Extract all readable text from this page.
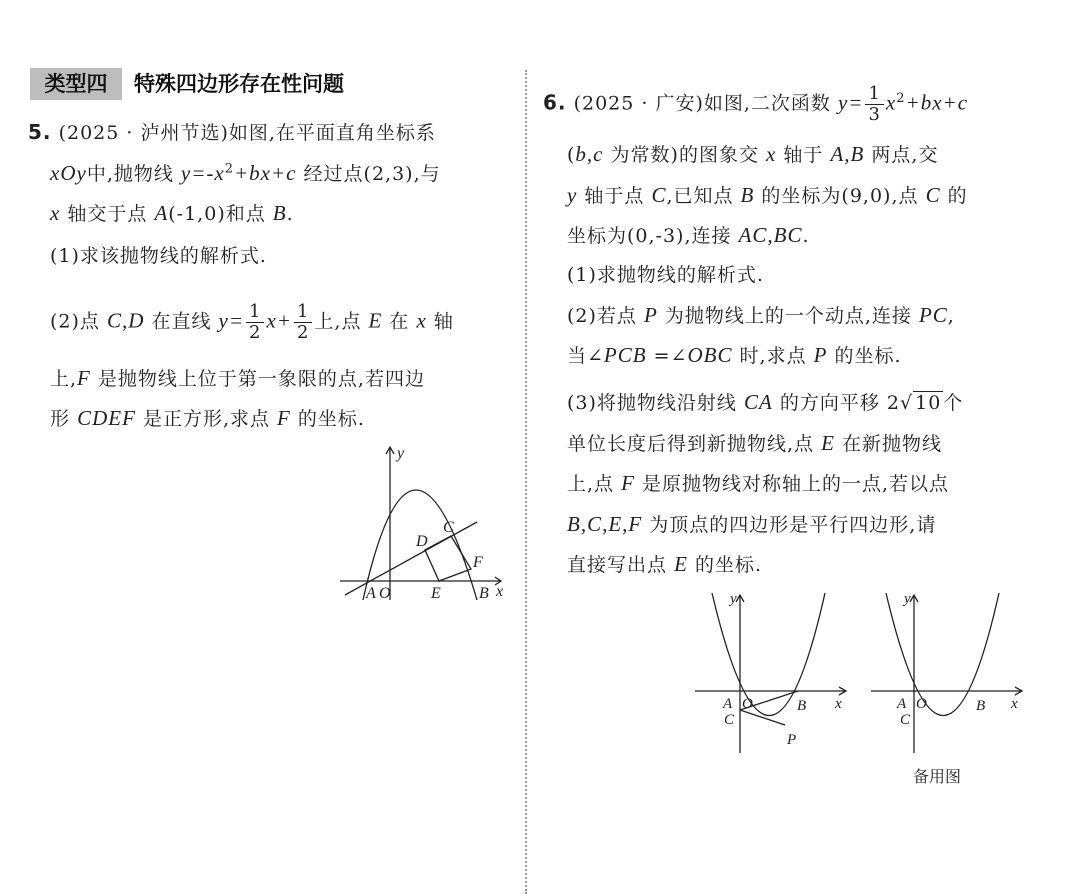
类型四	特殊四边形存在性问题
5. (2025 · 泸州节选)如图,在平面直角坐标系
xOy中,抛物线 $y=-x^2+bx+c$ 经过点(2,3),与
x 轴交于点 A(-1,0)和点 B.
(1)求该抛物线的解析式.
(2)点 C,D 在直线 $y= \frac{1}{2} x+ \frac{1}{2}$ 上,点 E 在 x 轴
上,F 是抛物线上位于第一象限的点,若四边
形 CDEF 是正方形,求点 F 的坐标.
y
x
A O	E B
C
D
F
6. (2025 · 广安)如图,二次函数 $y= \frac{1}{3} x^2+bx+c$
(b,c 为常数)的图象交 x 轴于 A,B 两点,交
y 轴于点 C,已知点 B 的坐标为(9,0),点 C 的
坐标为(0,-3),连接 AC,BC.
(1)求抛物线的解析式.
(2)若点 P 为抛物线上的一个动点,连接 PC,
当∠PCB =∠OBC 时,求点 P 的坐标.
(3)将抛物线沿射线 CA 的方向平移 2√ 10 个
单位长度后得到新抛物线,点 E 在新抛物线
上,点 F 是原抛物线对称轴上的一点,若以点
B,C,E,F 为顶点的四边形是平行四边形,请
直接写出点 E 的坐标.
y
x
A O
C
B
P
y
x
A O
C
B
备用图
